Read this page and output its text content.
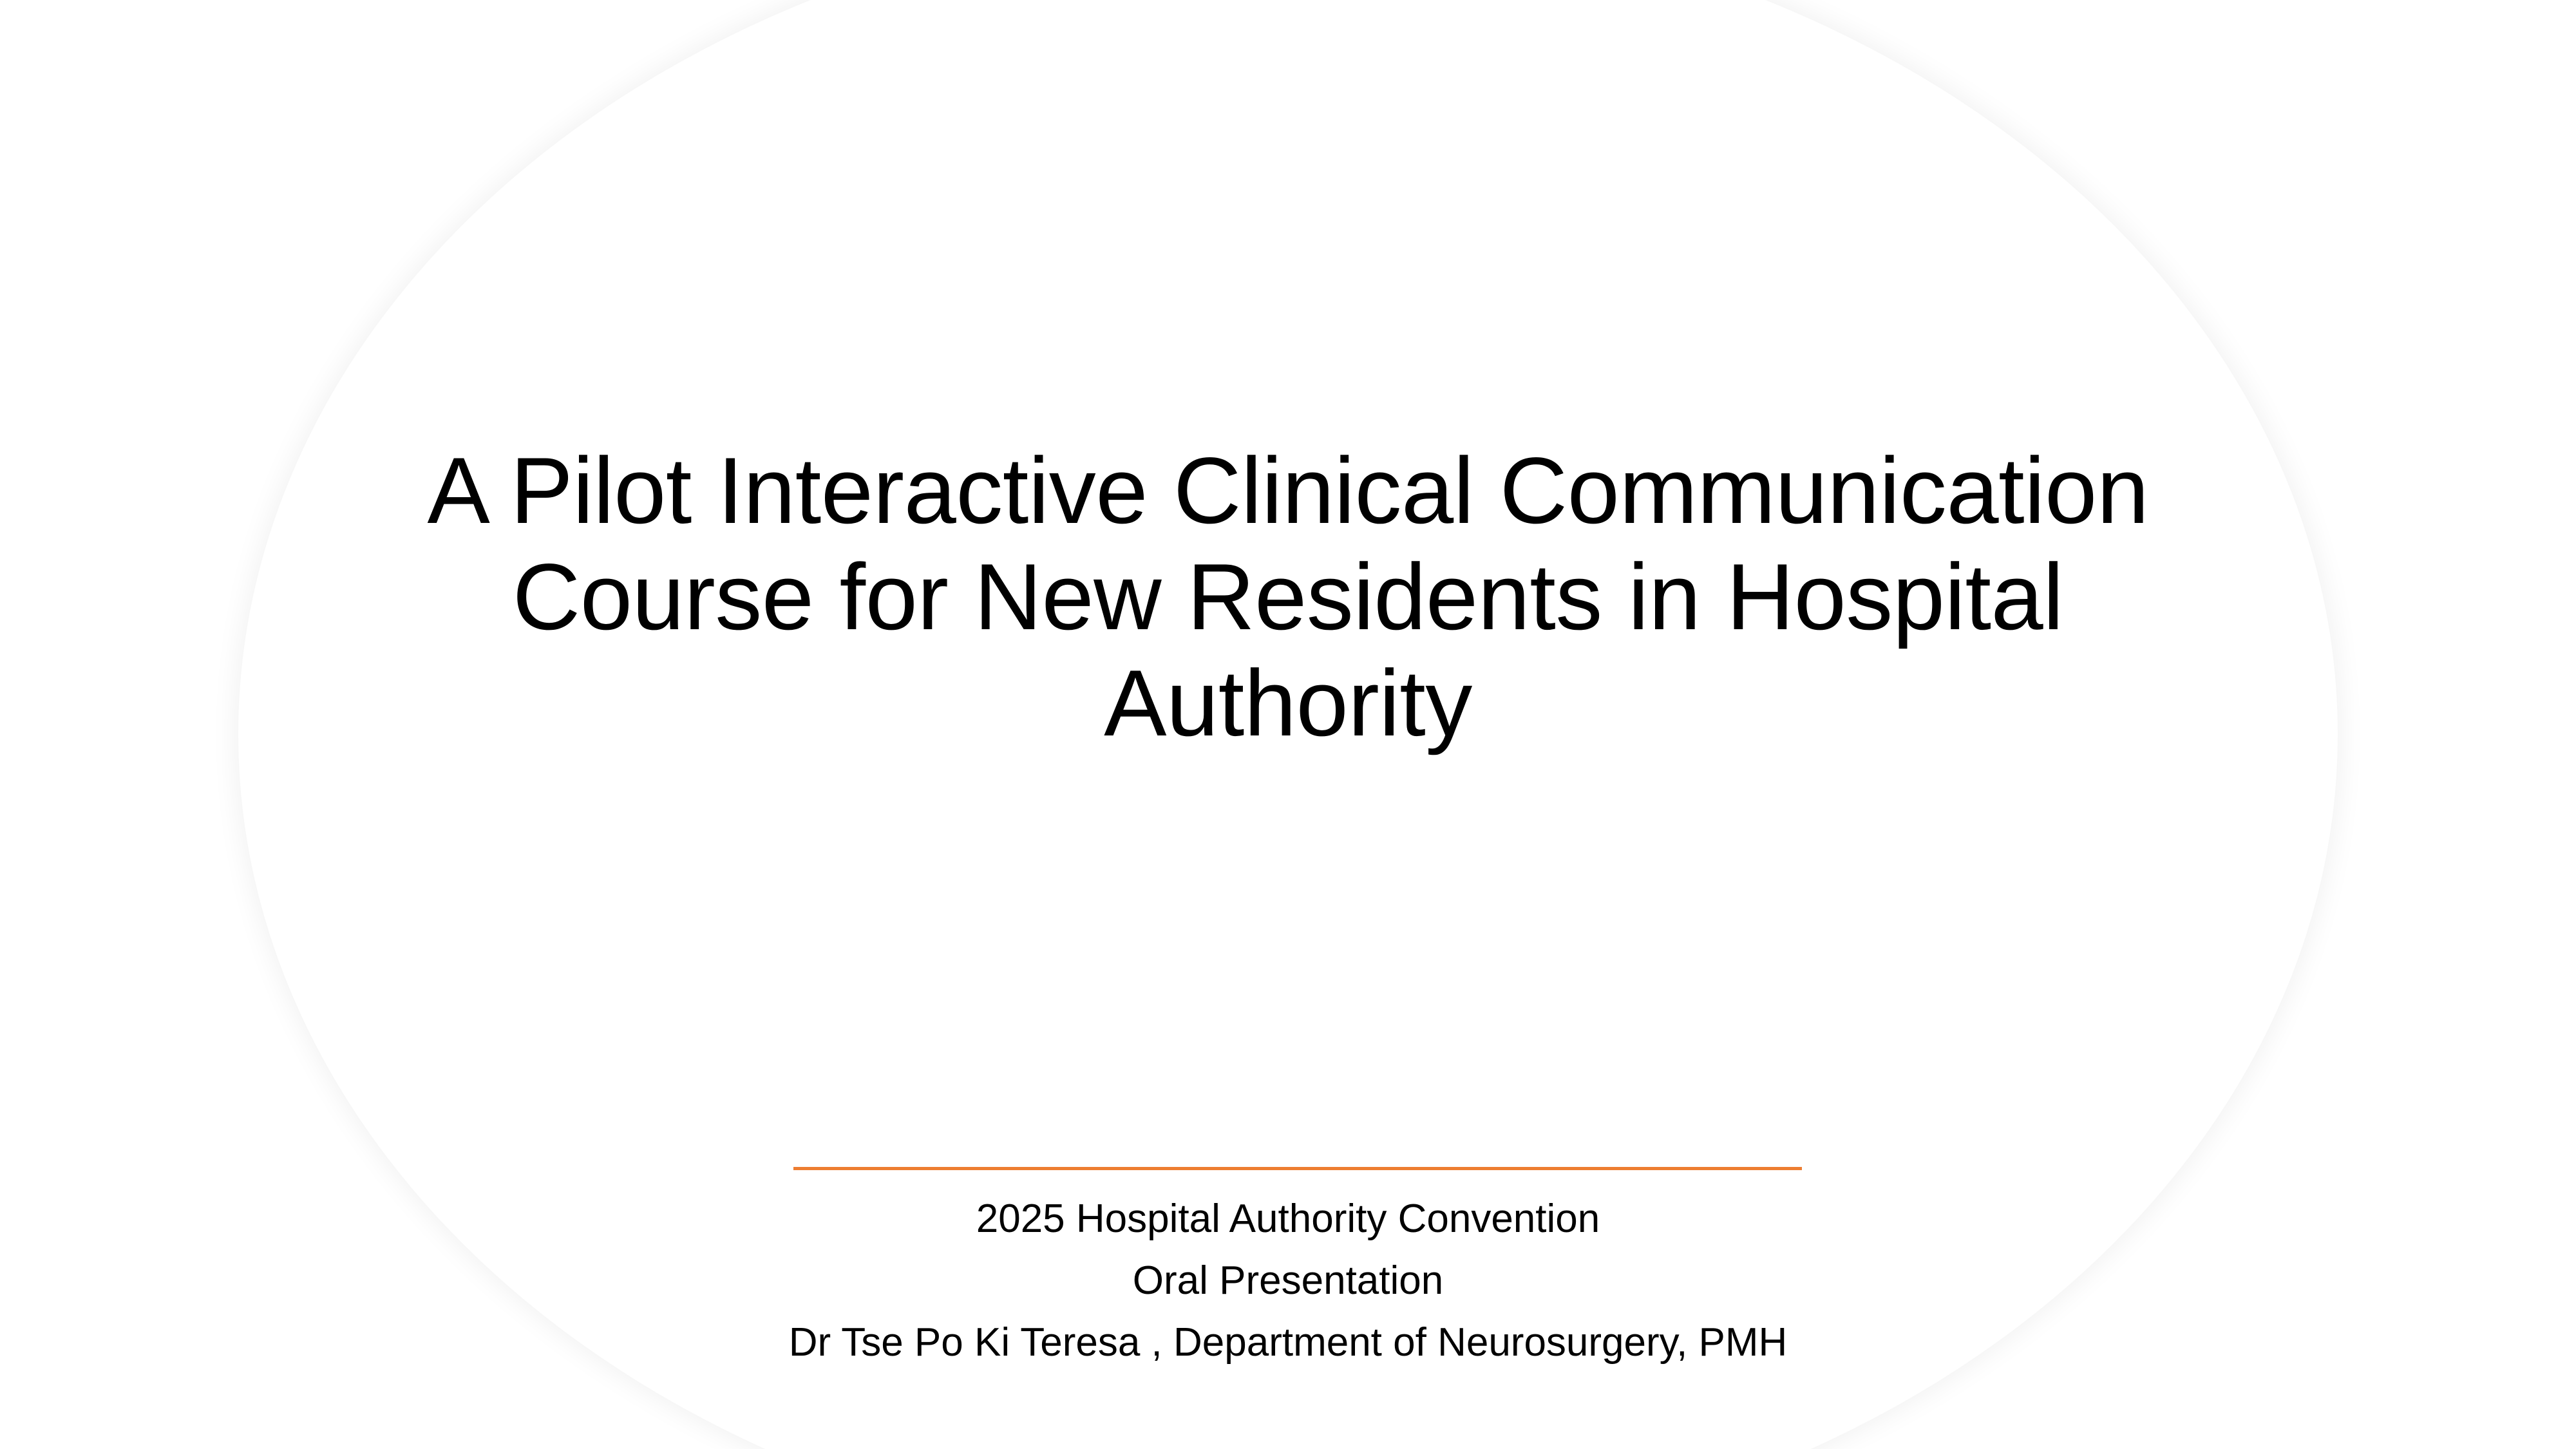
A Pilot Interactive Clinical Communication Course for New Residents in Hospital Authority
2025 Hospital Authority Convention
Oral Presentation
Dr Tse Po Ki Teresa , Department of Neurosurgery, PMH
